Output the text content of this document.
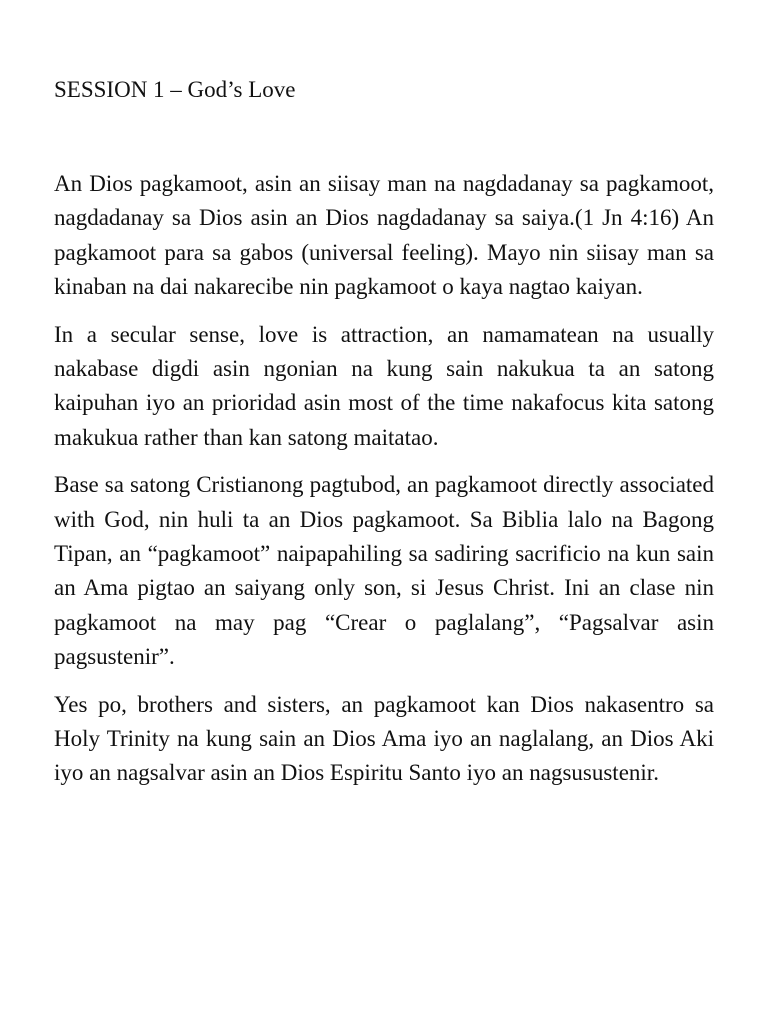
SESSION 1 – God’s Love

An Dios pagkamoot, asin an siisay man na nagdadanay sa pagkamoot, nagdadanay sa Dios asin an Dios nagdadanay sa saiya.(1 Jn 4:16) An pagkamoot para sa gabos (universal feeling). Mayo nin siisay man sa kinaban na dai nakarecibe nin pagkamoot o kaya nagtao kaiyan.

In a secular sense, love is attraction, an namamatean na usually nakabase digdi asin ngonian na kung sain nakukua ta an satong kaipuhan iyo an prioridad asin most of the time nakafocus kita satong makukua rather than kan satong maitatao.

Base sa satong Cristianong pagtubod, an pagkamoot directly associated with God, nin huli ta an Dios pagkamoot. Sa Biblia lalo na Bagong Tipan, an “pagkamoot” naipapahiling sa sadiring sacrificio na kun sain an Ama pigtao an saiyang only son, si Jesus Christ. Ini an clase nin pagkamoot na may pag “Crear o paglalang”, “Pagsalvar asin pagsustenir”.

Yes po, brothers and sisters, an pagkamoot kan Dios nakasentro sa Holy Trinity na kung sain an Dios Ama iyo an naglalang, an Dios Aki iyo an nagsalvar asin an Dios Espiritu Santo iyo an nagsusustenir.
